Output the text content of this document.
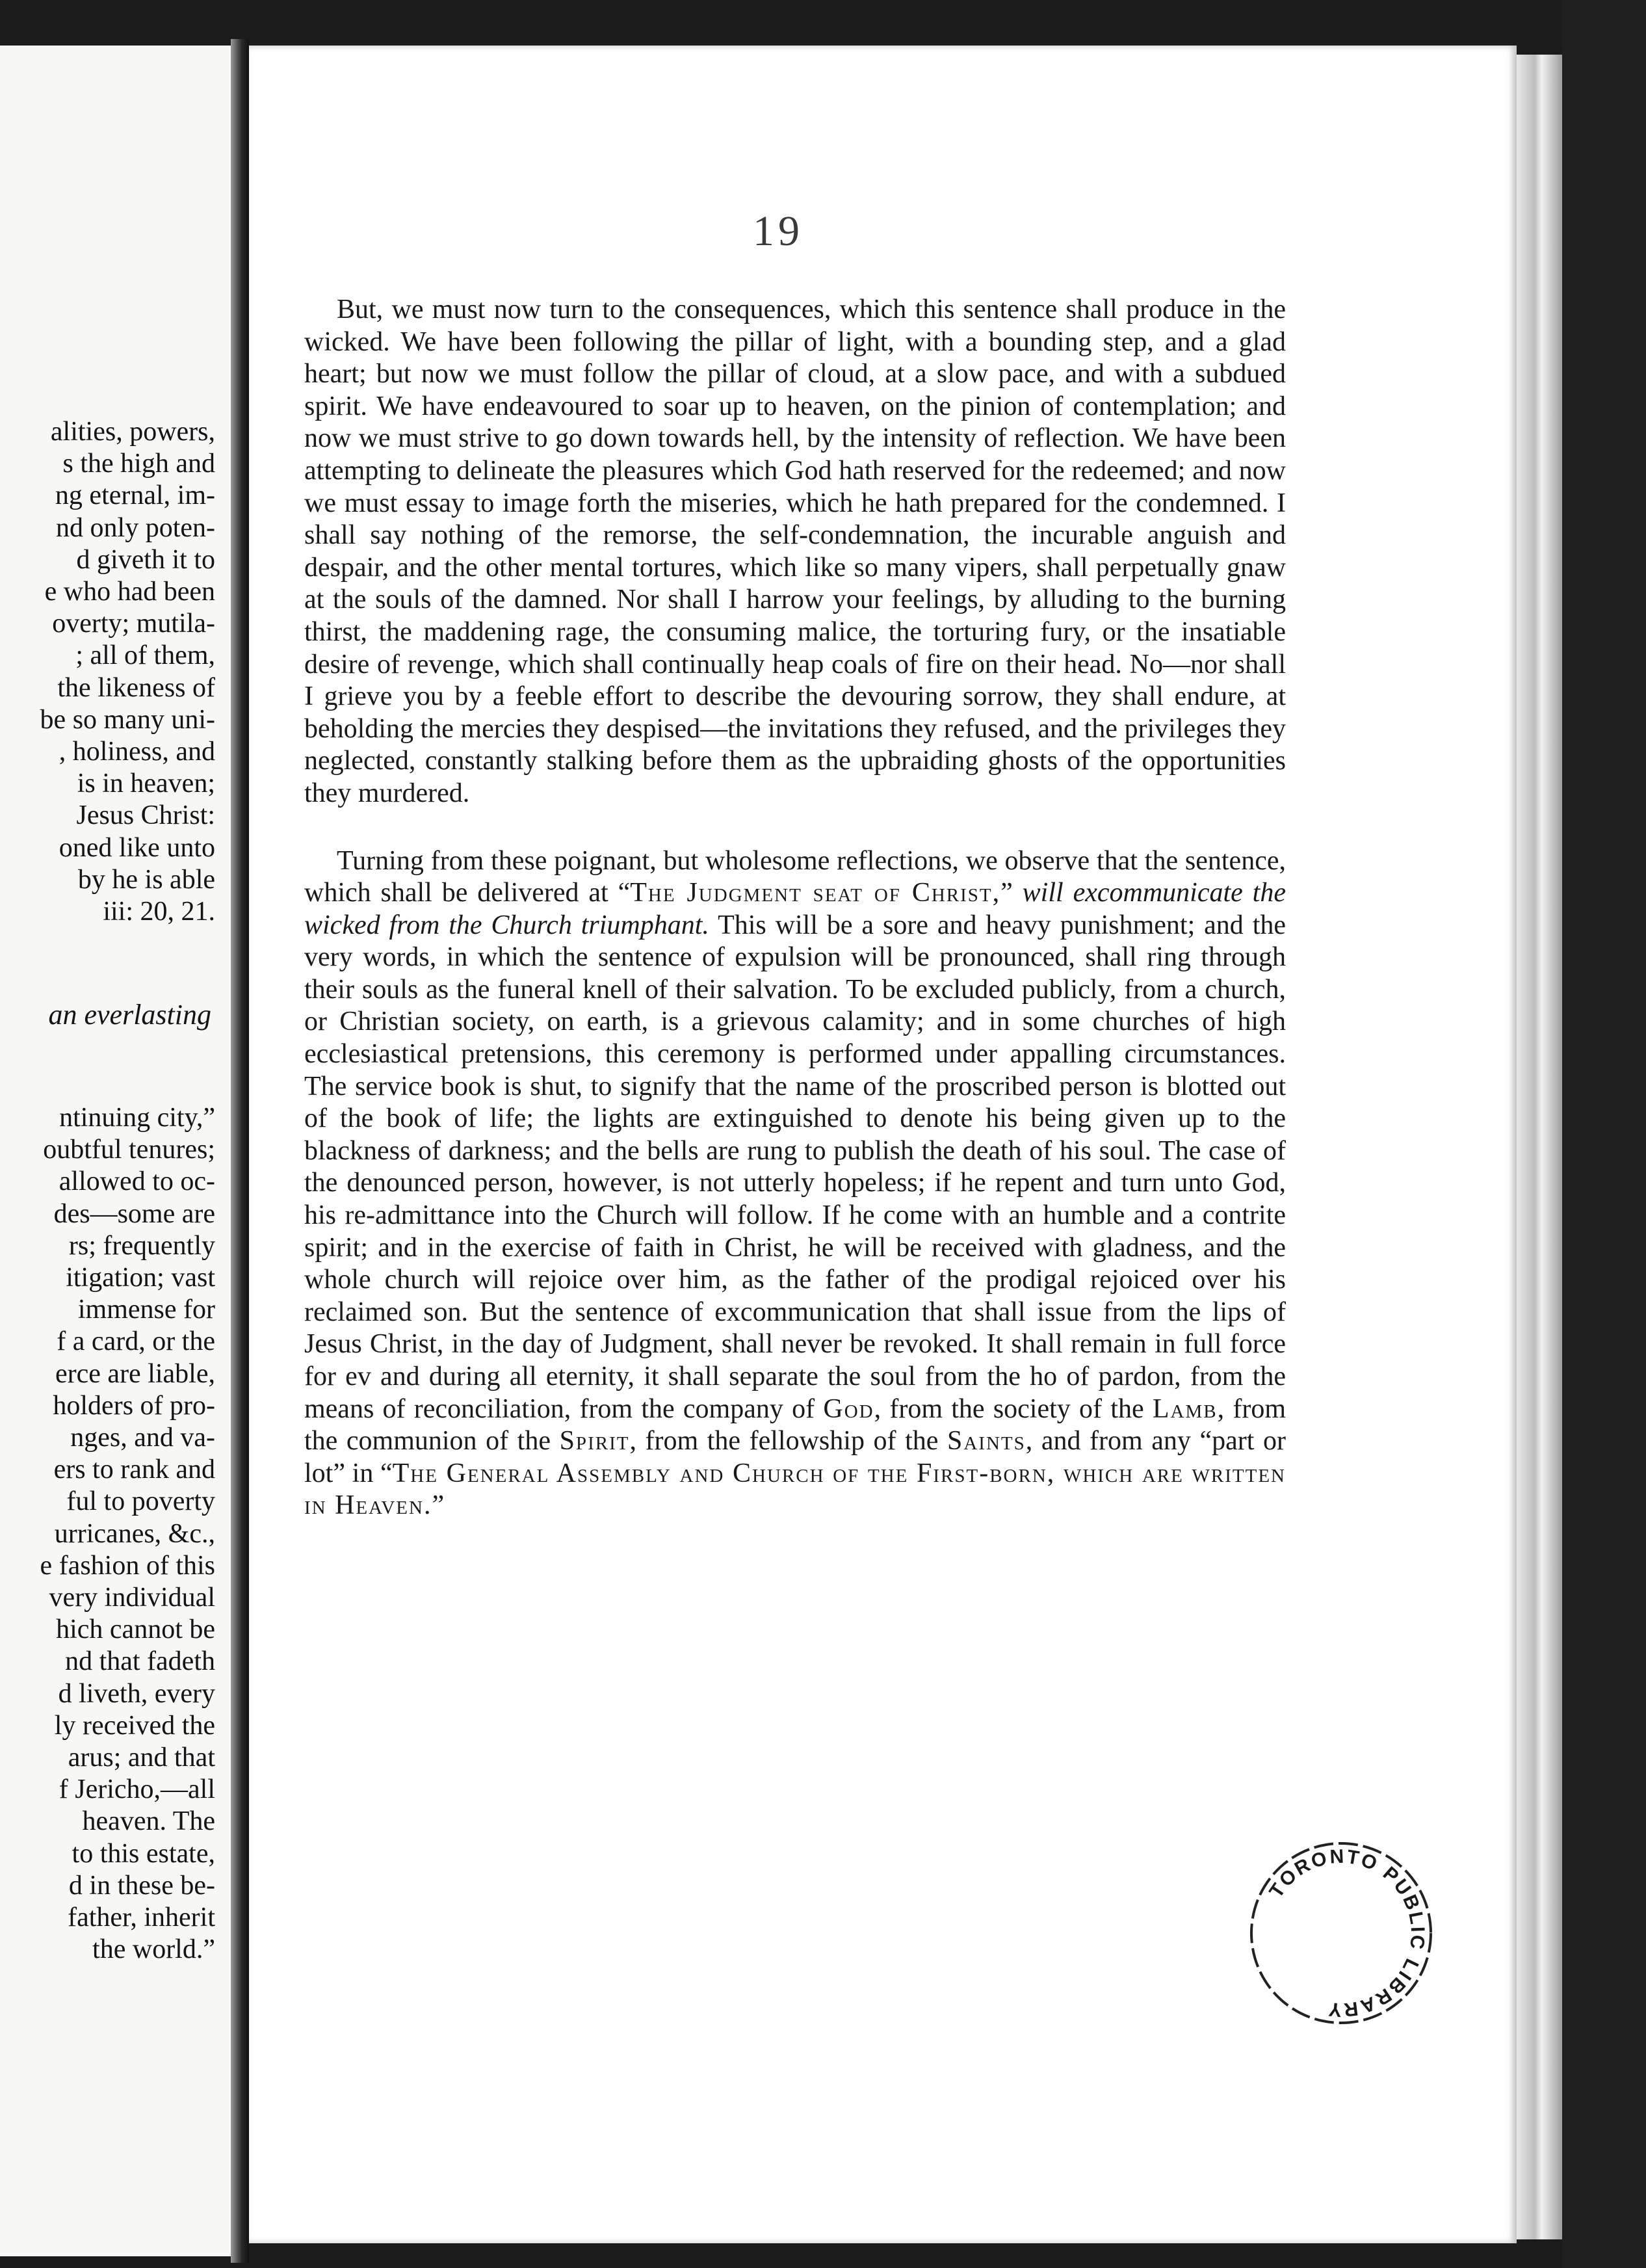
alities, powers,
s the high and
ng eternal, im-
nd only poten-
d giveth it to
e who had been
overty; mutila-
; all of them,
the likeness of
be so many uni-
, holiness, and
is in heaven;
Jesus Christ:
oned like unto
by he is able
iii: 20, 21.
an everlasting
ntinuing city,”
oubtful tenures;
allowed to oc-
des—some are
rs; frequently
itigation; vast
immense for
f a card, or the
erce are liable,
holders of pro-
nges, and va-
ers to rank and
ful to poverty
urricanes, &c.,
e fashion of this
very individual
hich cannot be
nd that fadeth
d liveth, every
ly received the
arus; and that
f Jericho,—all
heaven. The
to this estate,
d in these be-
father, inherit
the world.”
19

But, we must now turn to the consequences, which this sentence shall produce in the wicked. We have been following the pillar of light, with a bounding step, and a glad heart; but now we must follow the pillar of cloud, at a slow pace, and with a subdued spirit. We have endeavoured to soar up to heaven, on the pinion of contemplation; and now we must strive to go down towards hell, by the intensity of reflection. We have been attempting to delineate the pleasures which God hath reserved for the redeemed; and now we must essay to image forth the miseries, which he hath prepared for the condemned. I shall say nothing of the remorse, the self-condemnation, the incurable anguish and despair, and the other mental tortures, which like so many vipers, shall perpetually gnaw at the souls of the damned. Nor shall I harrow your feelings, by alluding to the burning thirst, the maddening rage, the consuming malice, the torturing fury, or the insatiable desire of revenge, which shall continually heap coals of fire on their head. No—nor shall I grieve you by a feeble effort to describe the devouring sorrow, they shall endure, at beholding the mercies they despised—the invitations they refused, and the privileges they neglected, constantly stalking before them as the upbraiding ghosts of the opportunities they murdered.

Turning from these poignant, but wholesome reflections, we observe that the sentence, which shall be delivered at “The Judgment seat of Christ,” will excommunicate the wicked from the Church triumphant. This will be a sore and heavy punishment; and the very words, in which the sentence of expulsion will be pronounced, shall ring through their souls as the funeral knell of their salvation. To be excluded publicly, from a church, or Christian society, on earth, is a grievous calamity; and in some churches of high ecclesiastical pretensions, this ceremony is performed under appalling circumstances. The service book is shut, to signify that the name of the proscribed person is blotted out of the book of life; the lights are extinguished to denote his being given up to the blackness of darkness; and the bells are rung to publish the death of his soul. The case of the denounced person, however, is not utterly hopeless; if he repent and turn unto God, his re-admittance into the Church will follow. If he come with an humble and a contrite spirit; and in the exercise of faith in Christ, he will be received with gladness, and the whole church will rejoice over him, as the father of the prodigal rejoiced over his reclaimed son. But the sentence of excommunication that shall issue from the lips of Jesus Christ, in the day of Judgment, shall never be revoked. It shall remain in full force for ev and during all eternity, it shall separate the soul from the ho of pardon, from the means of reconciliation, from the company of God, from the society of the Lamb, from the communion of the Spirit, from the fellowship of the Saints, and from any “part or lot” in “The General Assembly and Church of the First-born, which are written in Heaven.”

TORONTO PUBLIC LIBRARY
